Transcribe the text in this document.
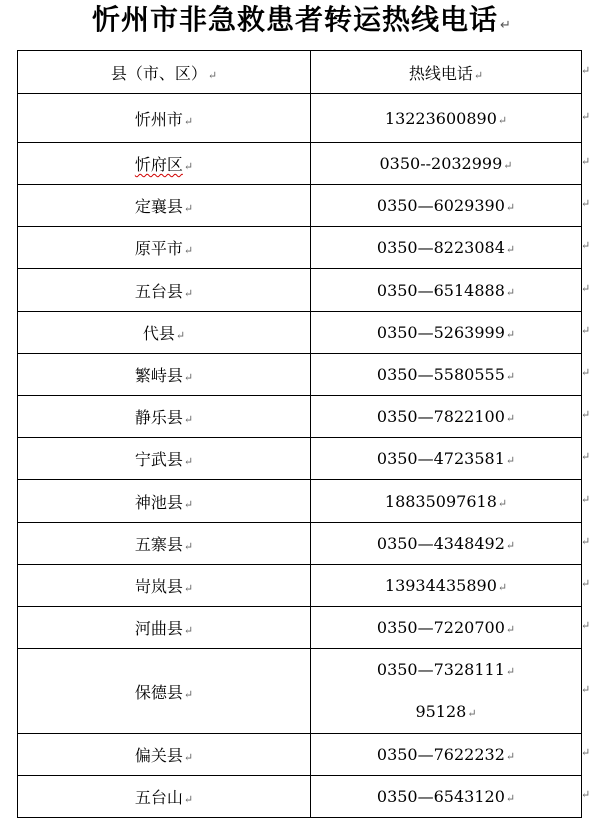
忻州市非急救患者转运热线电话 ↵
县（市、区）↵	热线电话↵
忻州市↵	13223600890↵
忻府区↵	0350--2032999↵
定襄县↵	0350—6029390↵
原平市↵	0350—8223084↵
五台县↵	0350—6514888↵
代县↵	0350—5263999↵
繁峙县↵	0350—5580555↵
静乐县↵	0350—7822100↵
宁武县↵	0350—4723581↵
神池县↵	18835097618↵
五寨县↵	0350—4348492↵
岢岚县↵	13934435890↵
河曲县↵	0350—7220700↵
保德县↵	0350—7328111↵
95128↵

偏关县↵	0350—7622232↵
五台山↵	0350—6543120↵
↵
↵
↵
↵
↵
↵
↵
↵
↵
↵
↵
↵
↵
↵
↵
↵
↵
